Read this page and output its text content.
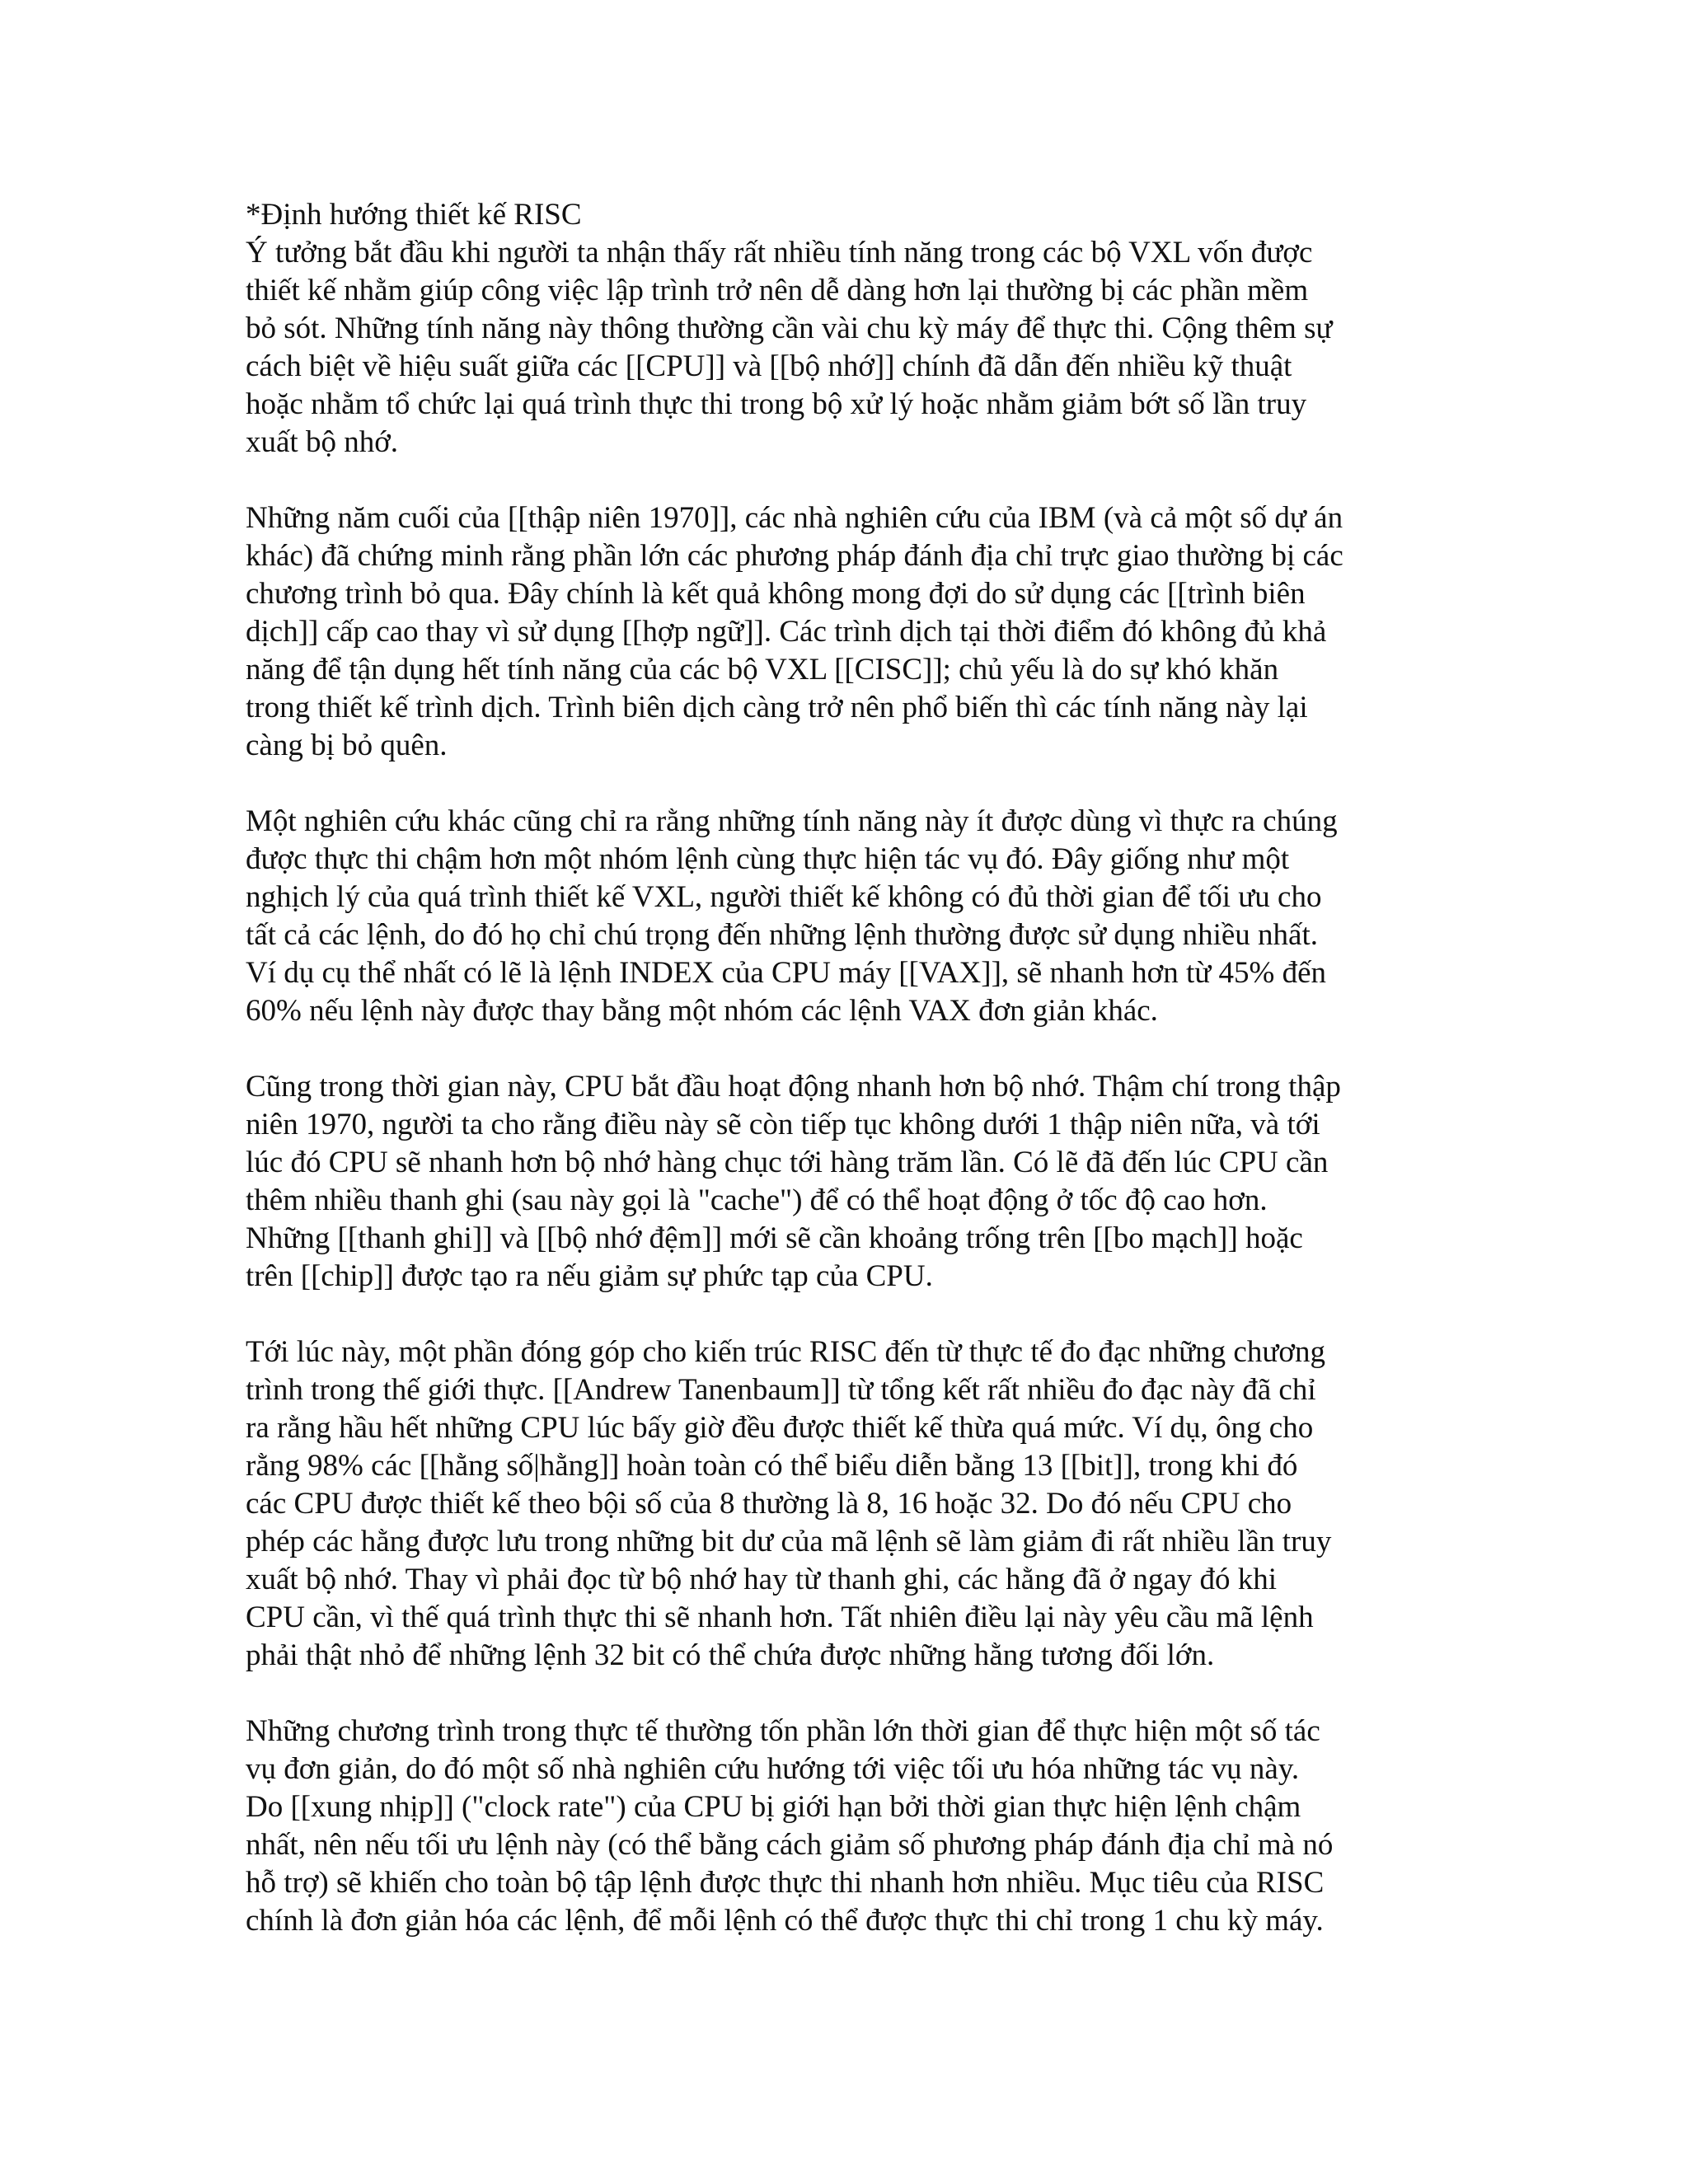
*Định hướng thiết kế RISC
Ý tưởng bắt đầu khi người ta nhận thấy rất nhiều tính năng trong các bộ VXL vốn được
thiết kế nhằm giúp công việc lập trình trở nên dễ dàng hơn lại thường bị các phần mềm
bỏ sót. Những tính năng này thông thường cần vài chu kỳ máy để thực thi. Cộng thêm sự
cách biệt về hiệu suất giữa các [[CPU]] và [[bộ nhớ]] chính đã dẫn đến nhiều kỹ thuật
hoặc nhằm tổ chức lại quá trình thực thi trong bộ xử lý hoặc nhằm giảm bớt số lần truy
xuất bộ nhớ.
Những năm cuối của [[thập niên 1970]], các nhà nghiên cứu của IBM (và cả một số dự án
khác) đã chứng minh rằng phần lớn các phương pháp đánh địa chỉ trực giao thường bị các
chương trình bỏ qua. Đây chính là kết quả không mong đợi do sử dụng các [[trình biên
dịch]] cấp cao thay vì sử dụng [[hợp ngữ]]. Các trình dịch tại thời điểm đó không đủ khả
năng để tận dụng hết tính năng của các bộ VXL [[CISC]]; chủ yếu là do sự khó khăn
trong thiết kế trình dịch. Trình biên dịch càng trở nên phổ biến thì các tính năng này lại
càng bị bỏ quên.
Một nghiên cứu khác cũng chỉ ra rằng những tính năng này ít được dùng vì thực ra chúng
được thực thi chậm hơn một nhóm lệnh cùng thực hiện tác vụ đó. Đây giống như một
nghịch lý của quá trình thiết kế VXL, người thiết kế không có đủ thời gian để tối ưu cho
tất cả các lệnh, do đó họ chỉ chú trọng đến những lệnh thường được sử dụng nhiều nhất.
Ví dụ cụ thể nhất có lẽ là lệnh INDEX của CPU máy [[VAX]], sẽ nhanh hơn từ 45% đến
60% nếu lệnh này được thay bằng một nhóm các lệnh VAX đơn giản khác.
Cũng trong thời gian này, CPU bắt đầu hoạt động nhanh hơn bộ nhớ. Thậm chí trong thập
niên 1970, người ta cho rằng điều này sẽ còn tiếp tục không dưới 1 thập niên nữa, và tới
lúc đó CPU sẽ nhanh hơn bộ nhớ hàng chục tới hàng trăm lần. Có lẽ đã đến lúc CPU cần
thêm nhiều thanh ghi (sau này gọi là "cache") để có thể hoạt động ở tốc độ cao hơn.
Những [[thanh ghi]] và [[bộ nhớ đệm]] mới sẽ cần khoảng trống trên [[bo mạch]] hoặc
trên [[chip]] được tạo ra nếu giảm sự phức tạp của CPU.
Tới lúc này, một phần đóng góp cho kiến trúc RISC đến từ thực tế đo đạc những chương
trình trong thế giới thực. [[Andrew Tanenbaum]] từ tổng kết rất nhiều đo đạc này đã chỉ
ra rằng hầu hết những CPU lúc bấy giờ đều được thiết kế thừa quá mức. Ví dụ, ông cho
rằng 98% các [[hằng số|hằng]] hoàn toàn có thể biểu diễn bằng 13 [[bit]], trong khi đó
các CPU được thiết kế theo bội số của 8 thường là 8, 16 hoặc 32. Do đó nếu CPU cho
phép các hằng được lưu trong những bit dư của mã lệnh sẽ làm giảm đi rất nhiều lần truy
xuất bộ nhớ. Thay vì phải đọc từ bộ nhớ hay từ thanh ghi, các hằng đã ở ngay đó khi
CPU cần, vì thế quá trình thực thi sẽ nhanh hơn. Tất nhiên điều lại này yêu cầu mã lệnh
phải thật nhỏ để những lệnh 32 bit có thể chứa được những hằng tương đối lớn.
Những chương trình trong thực tế thường tốn phần lớn thời gian để thực hiện một số tác
vụ đơn giản, do đó một số nhà nghiên cứu hướng tới việc tối ưu hóa những tác vụ này.
Do [[xung nhịp]] ("clock rate") của CPU bị giới hạn bởi thời gian thực hiện lệnh chậm
nhất, nên nếu tối ưu lệnh này (có thể bằng cách giảm số phương pháp đánh địa chỉ mà nó
hỗ trợ) sẽ khiến cho toàn bộ tập lệnh được thực thi nhanh hơn nhiều. Mục tiêu của RISC
chính là đơn giản hóa các lệnh, để mỗi lệnh có thể được thực thi chỉ trong 1 chu kỳ máy.
